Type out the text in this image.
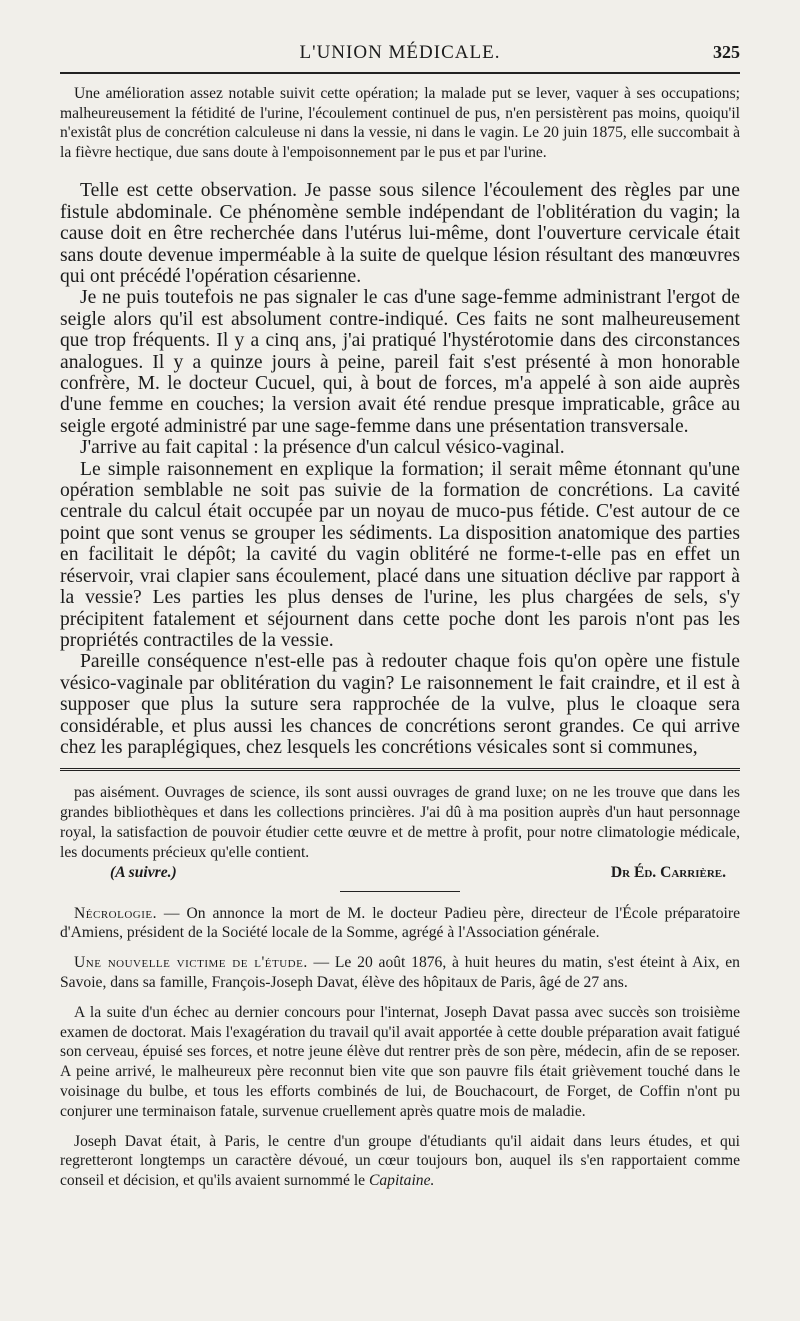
L'UNION MÉDICALE.	325

Une amélioration assez notable suivit cette opération; la malade put se lever, vaquer à ses occupations; malheureusement la fétidité de l'urine, l'écoulement continuel de pus, n'en persistèrent pas moins, quoiqu'il n'existât plus de concrétion calculeuse ni dans la vessie, ni dans le vagin. Le 20 juin 1875, elle succombait à la fièvre hectique, due sans doute à l'empoisonnement par le pus et par l'urine.

Telle est cette observation. Je passe sous silence l'écoulement des règles par une fistule abdominale. Ce phénomène semble indépendant de l'oblitération du vagin; la cause doit en être recherchée dans l'utérus lui-même, dont l'ouverture cervicale était sans doute devenue imperméable à la suite de quelque lésion résultant des manœuvres qui ont précédé l'opération césarienne.

Je ne puis toutefois ne pas signaler le cas d'une sage-femme administrant l'ergot de seigle alors qu'il est absolument contre-indiqué. Ces faits ne sont malheureusement que trop fréquents. Il y a cinq ans, j'ai pratiqué l'hystérotomie dans des circonstances analogues. Il y a quinze jours à peine, pareil fait s'est présenté à mon honorable confrère, M. le docteur Cucuel, qui, à bout de forces, m'a appelé à son aide auprès d'une femme en couches; la version avait été rendue presque impraticable, grâce au seigle ergoté administré par une sage-femme dans une présentation transversale.

J'arrive au fait capital : la présence d'un calcul vésico-vaginal.

Le simple raisonnement en explique la formation; il serait même étonnant qu'une opération semblable ne soit pas suivie de la formation de concrétions. La cavité centrale du calcul était occupée par un noyau de muco-pus fétide. C'est autour de ce point que sont venus se grouper les sédiments. La disposition anatomique des parties en facilitait le dépôt; la cavité du vagin oblitéré ne forme-t-elle pas en effet un réservoir, vrai clapier sans écoulement, placé dans une situation déclive par rapport à la vessie? Les parties les plus denses de l'urine, les plus chargées de sels, s'y précipitent fatalement et séjournent dans cette poche dont les parois n'ont pas les propriétés contractiles de la vessie.

Pareille conséquence n'est-elle pas à redouter chaque fois qu'on opère une fistule vésico-vaginale par oblitération du vagin? Le raisonnement le fait craindre, et il est à supposer que plus la suture sera rapprochée de la vulve, plus le cloaque sera considérable, et plus aussi les chances de concrétions seront grandes. Ce qui arrive chez les paraplégiques, chez lesquels les concrétions vésicales sont si communes,

pas aisément. Ouvrages de science, ils sont aussi ouvrages de grand luxe; on ne les trouve que dans les grandes bibliothèques et dans les collections princières. J'ai dû à ma position auprès d'un haut personnage royal, la satisfaction de pouvoir étudier cette œuvre et de mettre à profit, pour notre climatologie médicale, les documents précieux qu'elle contient.

(A suivre.)	Dr Éd. Carrière.

Nécrologie. — On annonce la mort de M. le docteur Padieu père, directeur de l'École préparatoire d'Amiens, président de la Société locale de la Somme, agrégé à l'Association générale.

Une nouvelle victime de l'étude. — Le 20 août 1876, à huit heures du matin, s'est éteint à Aix, en Savoie, dans sa famille, François-Joseph Davat, élève des hôpitaux de Paris, âgé de 27 ans.

A la suite d'un échec au dernier concours pour l'internat, Joseph Davat passa avec succès son troisième examen de doctorat. Mais l'exagération du travail qu'il avait apportée à cette double préparation avait fatigué son cerveau, épuisé ses forces, et notre jeune élève dut rentrer près de son père, médecin, afin de se reposer. A peine arrivé, le malheureux père reconnut bien vite que son pauvre fils était grièvement touché dans le voisinage du bulbe, et tous les efforts combinés de lui, de Bouchacourt, de Forget, de Coffin n'ont pu conjurer une terminaison fatale, survenue cruellement après quatre mois de maladie.

Joseph Davat était, à Paris, le centre d'un groupe d'étudiants qu'il aidait dans leurs études, et qui regretteront longtemps un caractère dévoué, un cœur toujours bon, auquel ils s'en rapportaient comme conseil et décision, et qu'ils avaient surnommé le Capitaine.
